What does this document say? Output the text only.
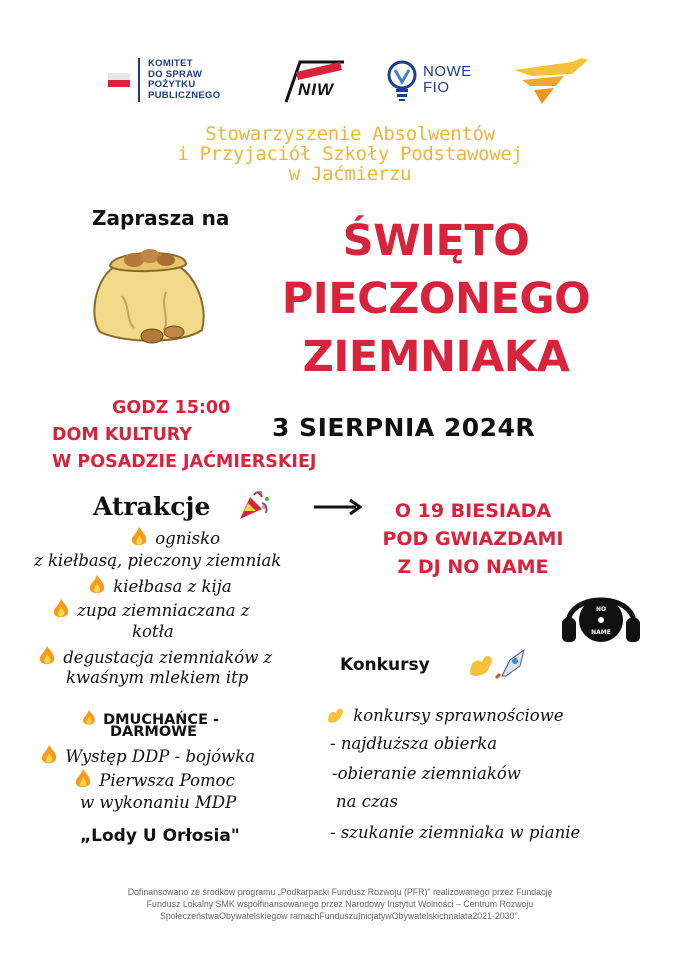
KOMITET
DO SPRAW
POŻYTKU
PUBLICZNEGO	NIW
NOWE
FIO
Stowarzyszenie Absolwentów
i Przyjaciół Szkoły Podstawowej
w Jaćmierzu
Zaprasza na	ŚWIĘTO
PIECZONEGO
ZIEMNIAKA
GODZ 15:00
DOM KULTURY
W POSADZIE JAĆMIERSKIEJ
3 SIERPNIA 2024R
Atrakcje	O 19 BIESIADA
POD GWIAZDAMI
Z DJ NO NAME
ognisko
z kiełbasą, pieczony ziemniak
kiełbasa z kija
zupa ziemniaczana z
kotła
degustacja ziemniaków z
kwaśnym mlekiem itp
DMUCHAŃCE -
DARMOWE
Występ DDP - bojówka
Pierwsza Pomoc
w wykonaniu MDP
„Lody U Orłosia"
NO
NAME
Konkursy
konkursy sprawnościowe
- najdłuższa obierka
-obieranie ziemniaków
na czas
- szukanie ziemniaka w pianie
Dofinansowano ze środków programu „Podkarpacki Fundusz Rozwoju (PFR)" realizowanego przez Fundację
Fundusz Lokalny SMK współfinansowanego przez Narodowy Instytut Wolności – Centrum Rozwoju
SpołeczeństwaObywatelskiegow ramachFunduszuInicjatywObywatelskichnalata2021-2030".
